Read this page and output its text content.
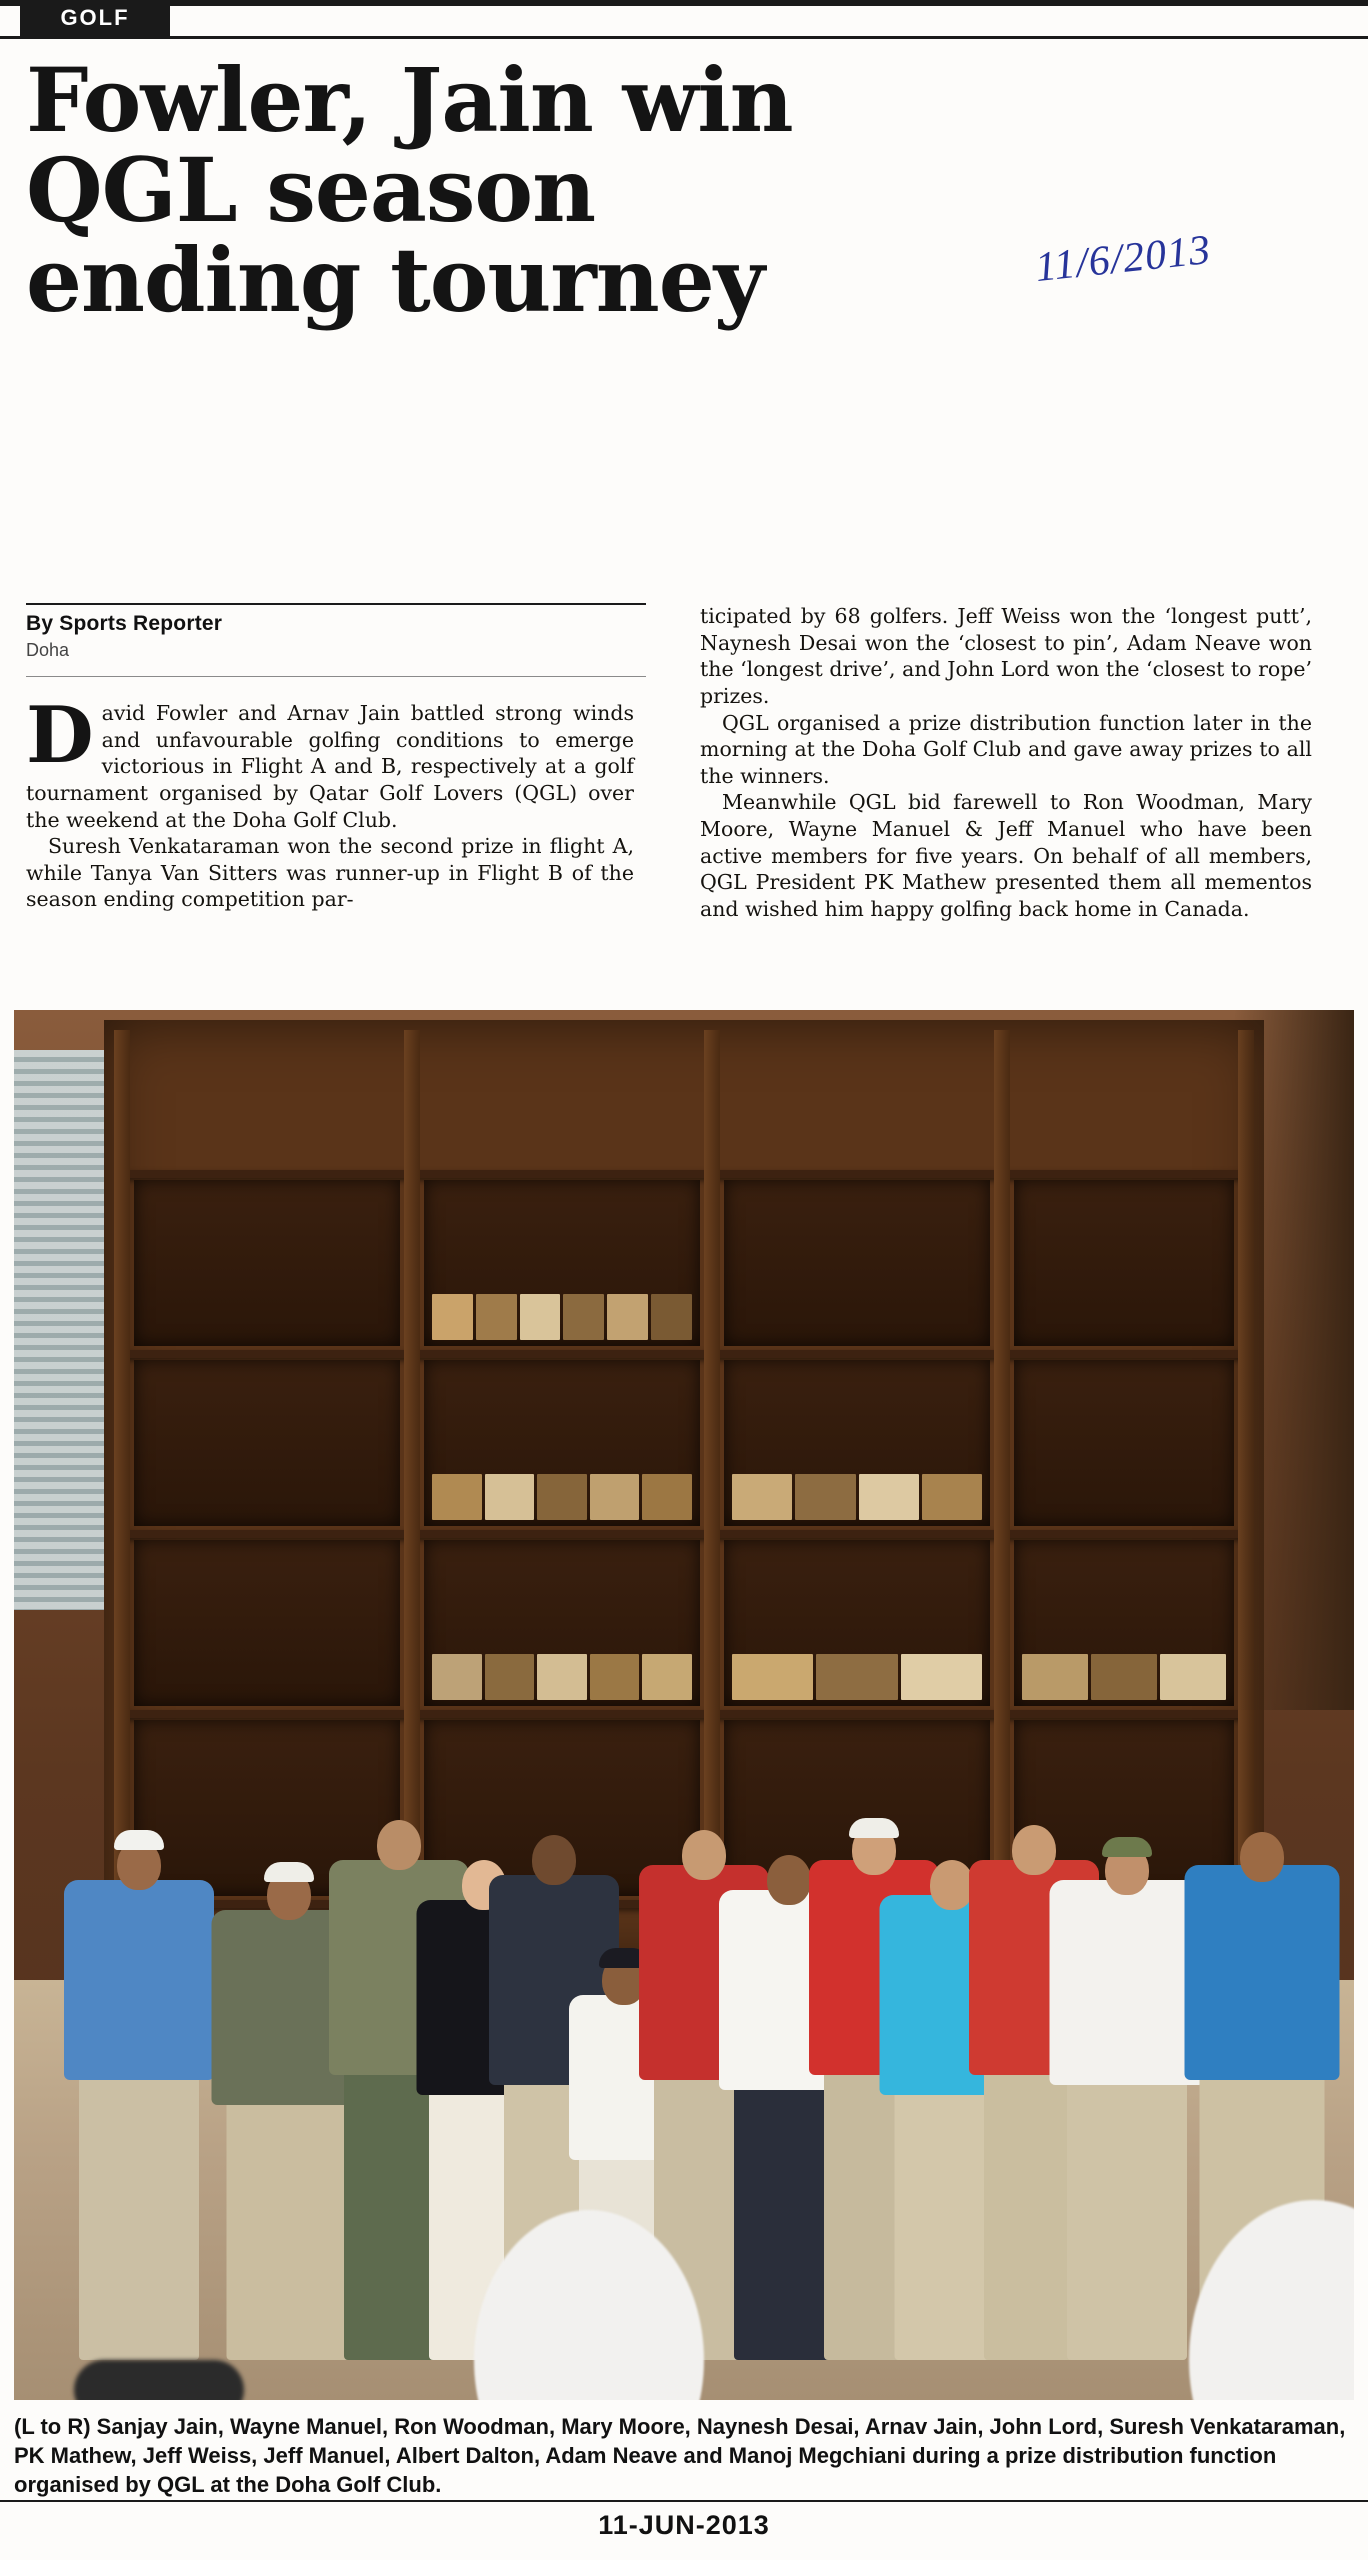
GOLF
Fowler, Jain win
QGL season
ending tourney	11/6/2013
By Sports Reporter
Doha

David Fowler and Arnav Jain battled strong winds and unfavourable golfing conditions to emerge victorious in Flight A and B, respectively at a golf tournament organised by Qatar Golf Lovers (QGL) over the weekend at the Doha Golf Club.

Suresh Venkataraman won the second prize in flight A, while Tanya Van Sitters was runner-up in Flight B of the season ending competition par-

ticipated by 68 golfers. Jeff Weiss won the ‘longest putt’, Naynesh Desai won the ‘closest to pin’, Adam Neave won the ‘longest drive’, and John Lord won the ‘closest to rope’ prizes.

QGL organised a prize distribution function later in the morning at the Doha Golf Club and gave away prizes to all the winners.

Meanwhile QGL bid farewell to Ron Woodman, Mary Moore, Wayne Manuel & Jeff Manuel who have been active members for five years. On behalf of all members, QGL President PK Mathew presented them all mementos and wished him happy golfing back home in Canada.

(L to R) Sanjay Jain, Wayne Manuel, Ron Woodman, Mary Moore, Naynesh Desai, Arnav Jain, John Lord, Suresh Venkataraman, PK Mathew, Jeff Weiss, Jeff Manuel, Albert Dalton, Adam Neave and Manoj Megchiani during a prize distribution function organised by QGL at the Doha Golf Club.
11-JUN-2013
